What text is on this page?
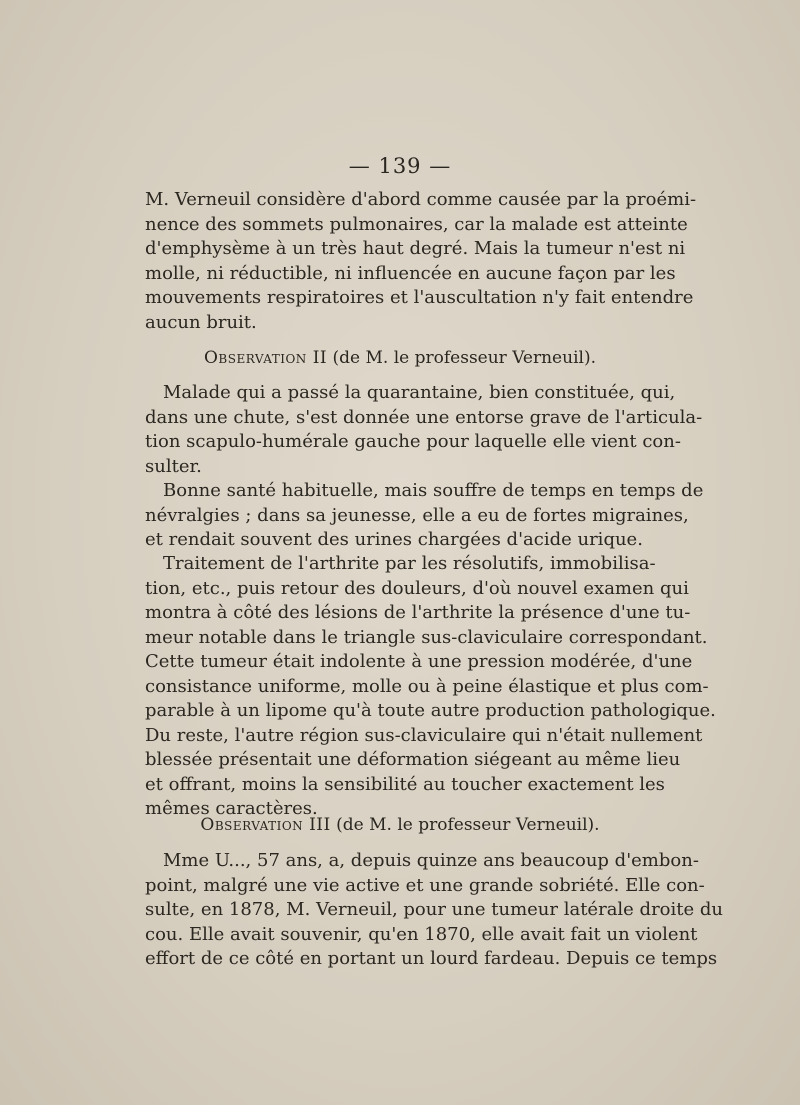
— 139 —
M. Verneuil considère d'abord comme causée par la proémi-
nence des sommets pulmonaires, car la malade est atteinte
d'emphysème à un très haut degré. Mais la tumeur n'est ni
molle, ni réductible, ni influencée en aucune façon par les
mouvements respiratoires et l'auscultation n'y fait entendre
aucun bruit.
Observation II (de M. le professeur Verneuil).
Malade qui a passé la quarantaine, bien constituée, qui,
dans une chute, s'est donnée une entorse grave de l'articula-
tion scapulo-humérale gauche pour laquelle elle vient con-
sulter.
Bonne santé habituelle, mais souffre de temps en temps de
névralgies ; dans sa jeunesse, elle a eu de fortes migraines,
et rendait souvent des urines chargées d'acide urique.
Traitement de l'arthrite par les résolutifs, immobilisa-
tion, etc., puis retour des douleurs, d'où nouvel examen qui
montra à côté des lésions de l'arthrite la présence d'une tu-
meur notable dans le triangle sus-claviculaire correspondant.
Cette tumeur était indolente à une pression modérée, d'une
consistance uniforme, molle ou à peine élastique et plus com-
parable à un lipome qu'à toute autre production pathologique.
Du reste, l'autre région sus-claviculaire qui n'était nullement
blessée présentait une déformation siégeant au même lieu
et offrant, moins la sensibilité au toucher exactement les
mêmes caractères.
Observation III (de M. le professeur Verneuil).
Mme U..., 57 ans, a, depuis quinze ans beaucoup d'embon-
point, malgré une vie active et une grande sobriété. Elle con-
sulte, en 1878, M. Verneuil, pour une tumeur latérale droite du
cou. Elle avait souvenir, qu'en 1870, elle avait fait un violent
effort de ce côté en portant un lourd fardeau. Depuis ce temps
